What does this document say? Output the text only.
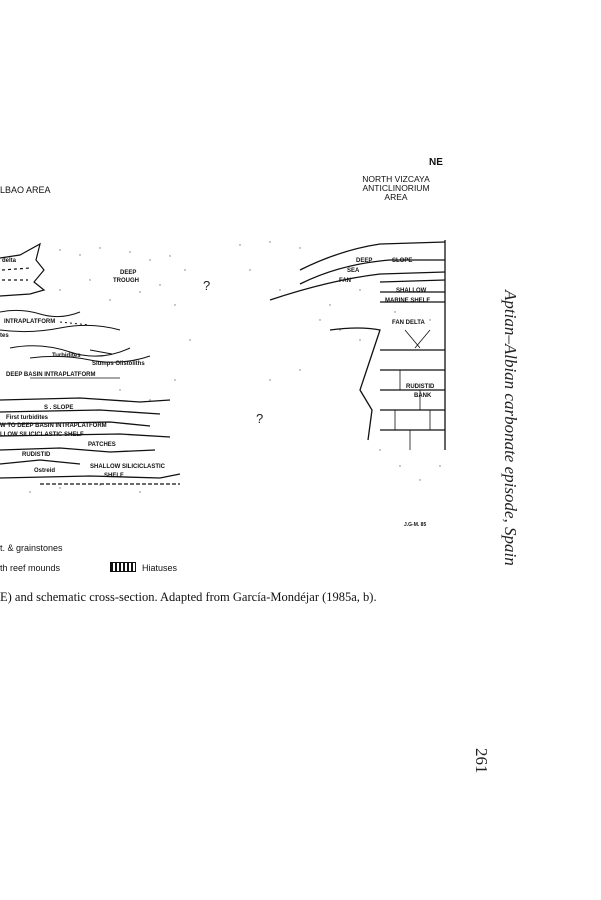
NE
NORTH VIZCAYA
ANTICLINORIUM
AREA
LBAO AREA
delta
DEEP
TROUGH	?
INTRAPLATFORM
tes
Turbidites
Slumps Olistoliths
DEEP BASIN INTRAPLATFORM
S . SLOPE
First turbidites
W TO DEEP BASIN INTRAPLATFORM
LLOW SILICICLASTIC SHELF
PATCHES
RUDISTID
Ostreid
SHALLOW SILICICLASTIC
SHELF
DEEP	SLOPE
SEA
FAN
SHALLOW
MARINE SHELF
FAN DELTA
RUDISTID
BANK
?
J.G-M. 85
t. & grainstones
th reef mounds	Hiatuses
E) and schematic cross-section. Adapted from García-Mondéjar (1985a, b).
Aptian–Albian carbonate episode, Spain
261
